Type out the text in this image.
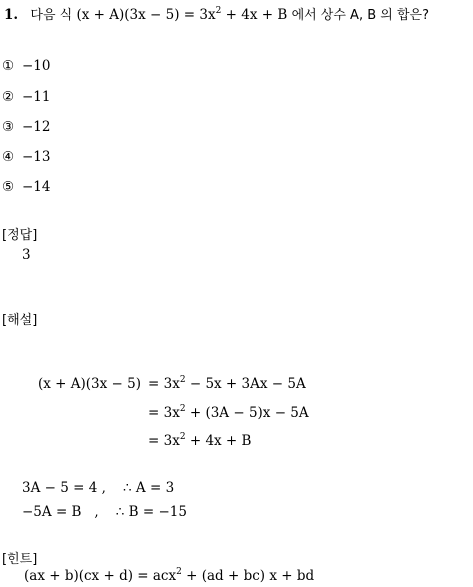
1. 다음 식 $(x + A)(3x - 5) = 3x^2 + 4x + B$ 에서 상수 A, B 의 합은?
① −10
② −11
③ −12
④ −13
⑤ −14
[정답]
3
[해설]
$(x + A)(3x - 5) = 3x^2 - 5x + 3Ax - 5A$
= $3x^2 + (3A - 5)x - 5A$
= $3x^2 + 4x + B$
3A − 5 = 4 ,    ∴ A = 3
−5A = B   ,    ∴ B = −15
[힌트]
(ax + b)(cx + d) = acx$^2$ + (ad + bc) x + bd
